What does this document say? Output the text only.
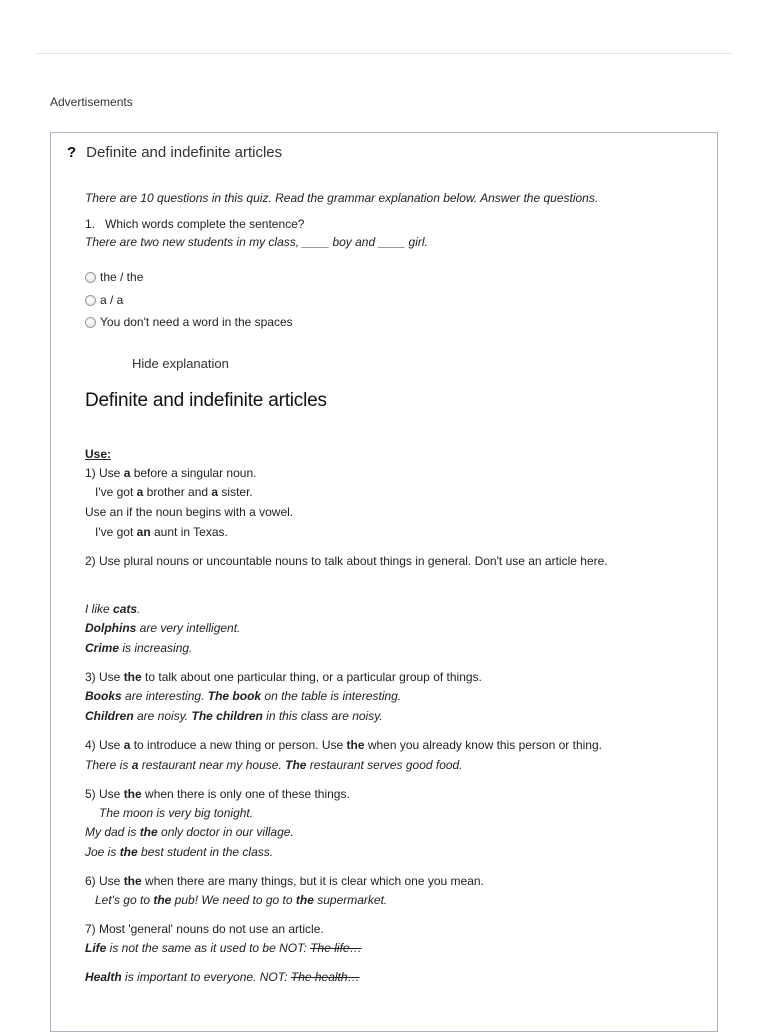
Advertisements
? Definite and indefinite articles
There are 10 questions in this quiz. Read the grammar explanation below. Answer the questions.
1. Which words complete the sentence?
There are two new students in my class, ____ boy and ____ girl.
the / the
a / a
You don't need a word in the spaces
Hide explanation
Definite and indefinite articles
Use:
1) Use a before a singular noun.
I've got a brother and a sister.
Use an if the noun begins with a vowel.
I've got an aunt in Texas.
2) Use plural nouns or uncountable nouns to talk about things in general. Don't use an article here.
I like cats.
Dolphins are very intelligent.
Crime is increasing.
3) Use the to talk about one particular thing, or a particular group of things.
Books are interesting. The book on the table is interesting.
Children are noisy. The children in this class are noisy.
4) Use a to introduce a new thing or person. Use the when you already know this person or thing.
There is a restaurant near my house. The restaurant serves good food.
5) Use the when there is only one of these things.
The moon is very big tonight.
My dad is the only doctor in our village.
Joe is the best student in the class.
6) Use the when there are many things, but it is clear which one you mean.
Let's go to the pub! We need to go to the supermarket.
7) Most 'general' nouns do not use an article.
Life is not the same as it used to be NOT: The life…
Health is important to everyone. NOT: The health…
